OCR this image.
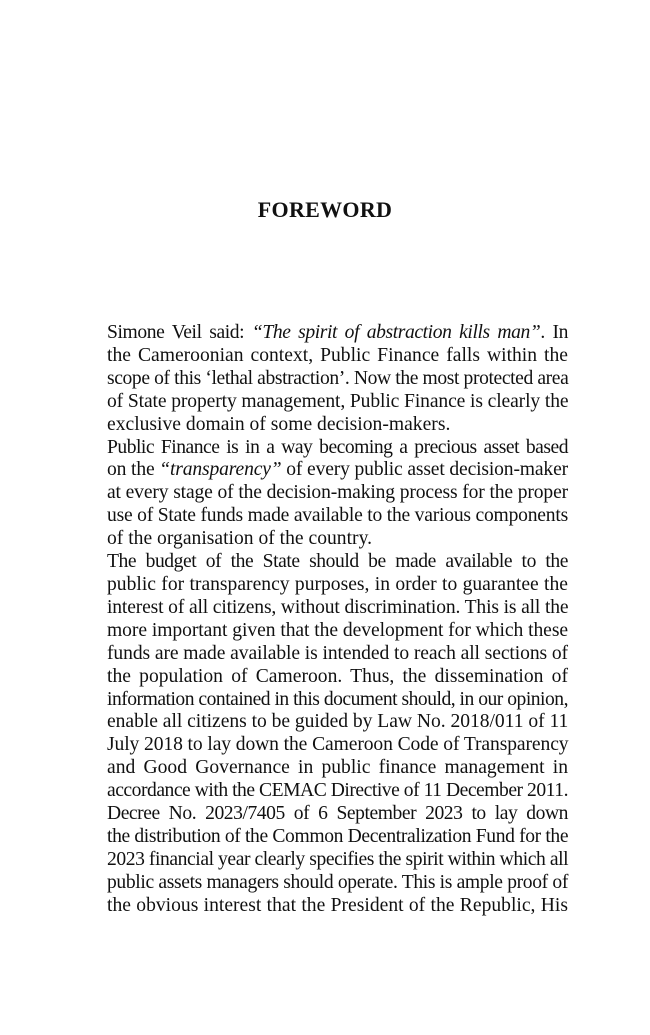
FOREWORD

Simone Veil said: “The spirit of abstraction kills man”. In
the Cameroonian context, Public Finance falls within the
scope of this ‘lethal abstraction’. Now the most protected area
of State property management, Public Finance is clearly the
exclusive domain of some decision-makers.

Public Finance is in a way becoming a precious asset based
on the “transparency” of every public asset decision-maker
at every stage of the decision-making process for the proper
use of State funds made available to the various components
of the organisation of the country.

The budget of the State should be made available to the
public for transparency purposes, in order to guarantee the
interest of all citizens, without discrimination. This is all the
more important given that the development for which these
funds are made available is intended to reach all sections of
the population of Cameroon. Thus, the dissemination of
information contained in this document should, in our opinion,
enable all citizens to be guided by Law No. 2018/011 of 11
July 2018 to lay down the Cameroon Code of Transparency
and Good Governance in public finance management in
accordance with the CEMAC Directive of 11 December 2011.

Decree No. 2023/7405 of 6 September 2023 to lay down
the distribution of the Common Decentralization Fund for the
2023 financial year clearly specifies the spirit within which all
public assets managers should operate. This is ample proof of
the obvious interest that the President of the Republic, His
